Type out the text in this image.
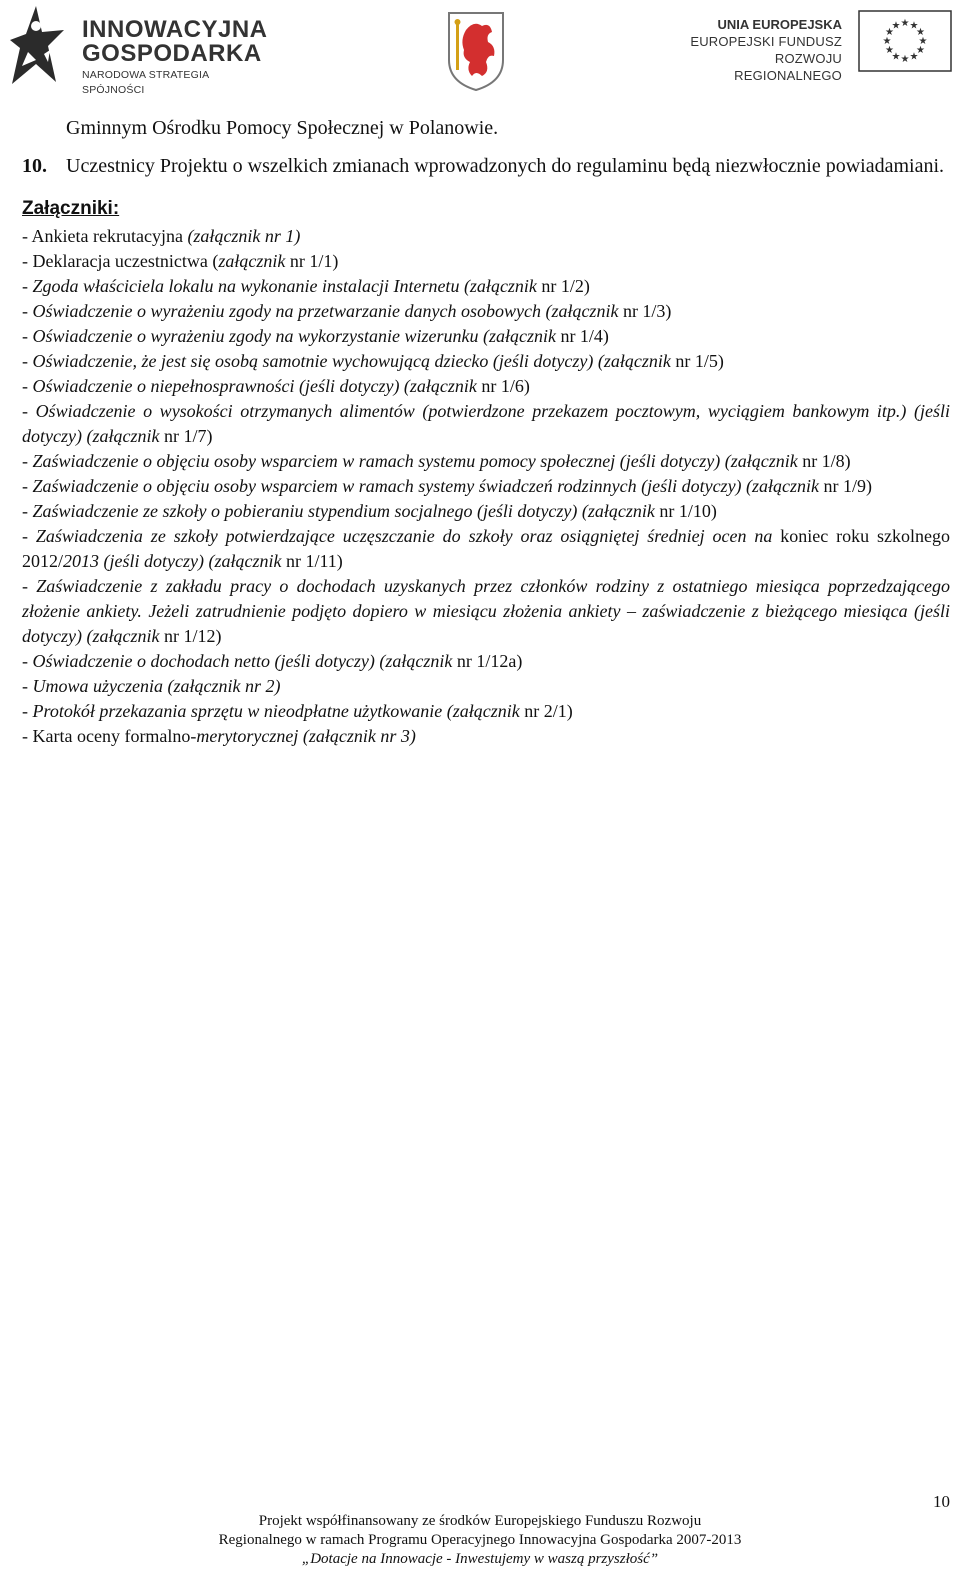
INNOWACYJNA
GOSPODARKA
NARODOWA STRATEGIA SPÓJNOŚCI
UNIA EUROPEJSKA
EUROPEJSKI FUNDUSZ
ROZWOJU REGIONALNEGO
★ ★
★
★
★
★
★
★
★
★
★
★

Gminnym Ośrodku Pomocy Społecznej w Polanowie.

10. Uczestnicy Projektu o wszelkich zmianach wprowadzonych do regulaminu będą niezwłocznie powiadamiani.
Załączniki:
- Ankieta rekrutacyjna (załącznik nr 1)
- Deklaracja uczestnictwa (załącznik nr 1/1)
- Zgoda właściciela lokalu na wykonanie instalacji Internetu (załącznik nr 1/2)
- Oświadczenie o wyrażeniu zgody na przetwarzanie danych osobowych (załącznik nr 1/3)
- Oświadczenie o wyrażeniu zgody na wykorzystanie wizerunku (załącznik nr 1/4)
- Oświadczenie, że jest się osobą samotnie wychowującą dziecko (jeśli dotyczy) (załącznik nr 1/5)
- Oświadczenie o niepełnosprawności (jeśli dotyczy) (załącznik nr 1/6)
- Oświadczenie o wysokości otrzymanych alimentów (potwierdzone przekazem pocztowym, wyciągiem bankowym itp.) (jeśli dotyczy) (załącznik nr 1/7)
- Zaświadczenie o objęciu osoby wsparciem w ramach systemu pomocy społecznej (jeśli dotyczy) (załącznik nr 1/8)
- Zaświadczenie o objęciu osoby wsparciem w ramach systemy świadczeń rodzinnych (jeśli dotyczy) (załącznik nr 1/9)
- Zaświadczenie ze szkoły o pobieraniu stypendium socjalnego (jeśli dotyczy) (załącznik nr 1/10)
- Zaświadczenia ze szkoły potwierdzające uczęszczanie do szkoły oraz osiągniętej średniej ocen na koniec roku szkolnego 2012/2013 (jeśli dotyczy) (załącznik nr 1/11)
- Zaświadczenie z zakładu pracy o dochodach uzyskanych przez członków rodziny z ostatniego miesiąca poprzedzającego złożenie ankiety. Jeżeli zatrudnienie podjęto dopiero w miesiącu złożenia ankiety – zaświadczenie z bieżącego miesiąca (jeśli dotyczy) (załącznik nr 1/12)
- Oświadczenie o dochodach netto (jeśli dotyczy) (załącznik nr 1/12a)
- Umowa użyczenia (załącznik nr 2)
- Protokół przekazania sprzętu w nieodpłatne użytkowanie (załącznik nr 2/1)
- Karta oceny formalno-merytorycznej (załącznik nr 3)
10
Projekt współfinansowany ze środków Europejskiego Funduszu Rozwoju
Regionalnego w ramach Programu Operacyjnego Innowacyjna Gospodarka 2007-2013
„Dotacje na Innowacje - Inwestujemy w waszą przyszłość”
